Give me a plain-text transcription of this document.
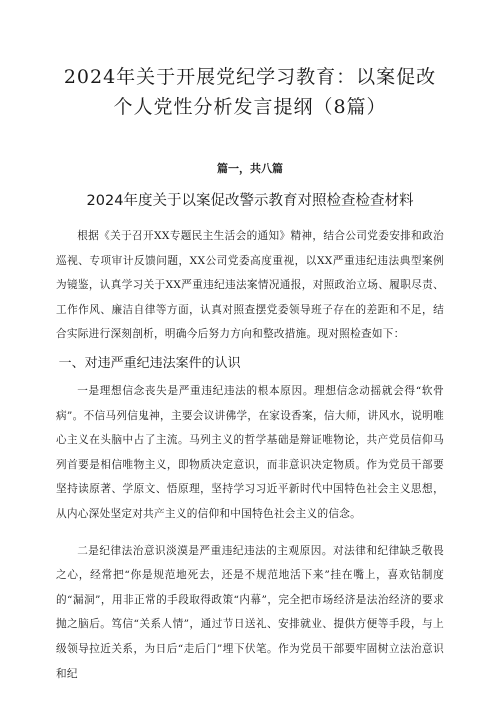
2024年关于开展党纪学习教育：以案促改个人党性分析发言提纲（8篇）
篇一，共八篇
2024年度关于以案促改警示教育对照检查检查材料

根据《关于召开XX专题民主生活会的通知》精神，结合公司党委安排和政治巡视、专项审计反馈问题，XX公司党委高度重视，以XX严重违纪违法典型案例为镜鉴，认真学习关于XX严重违纪违法案情况通报，对照政治立场、履职尽责、工作作风、廉洁自律等方面，认真对照查摆党委领导班子存在的差距和不足，结合实际进行深刻剖析，明确今后努力方向和整改措施。现对照检查如下：

一、对违严重纪违法案件的认识

一是理想信念丧失是严重违纪违法的根本原因。理想信念动摇就会得“软骨病”。不信马列信鬼神，主要会议讲佛学，在家设香案，信大师，讲风水，说明唯心主义在头脑中占了主流。马列主义的哲学基础是辩证唯物论，共产党员信仰马列首要是相信唯物主义，即物质决定意识，而非意识决定物质。作为党员干部要坚持读原著、学原文、悟原理，坚持学习习近平新时代中国特色社会主义思想，从内心深处坚定对共产主义的信仰和中国特色社会主义的信念。

二是纪律法治意识淡漠是严重违纪违法的主观原因。对法律和纪律缺乏敬畏之心，经常把“你是规范地死去，还是不规范地活下来”挂在嘴上，喜欢钻制度的“漏洞”，用非正常的手段取得政策“内幕”，完全把市场经济是法治经济的要求抛之脑后。笃信“关系人情”，通过节日送礼、安排就业、提供方便等手段，与上级领导拉近关系，为日后“走后门”埋下伏笔。作为党员干部要牢固树立法治意识和纪
